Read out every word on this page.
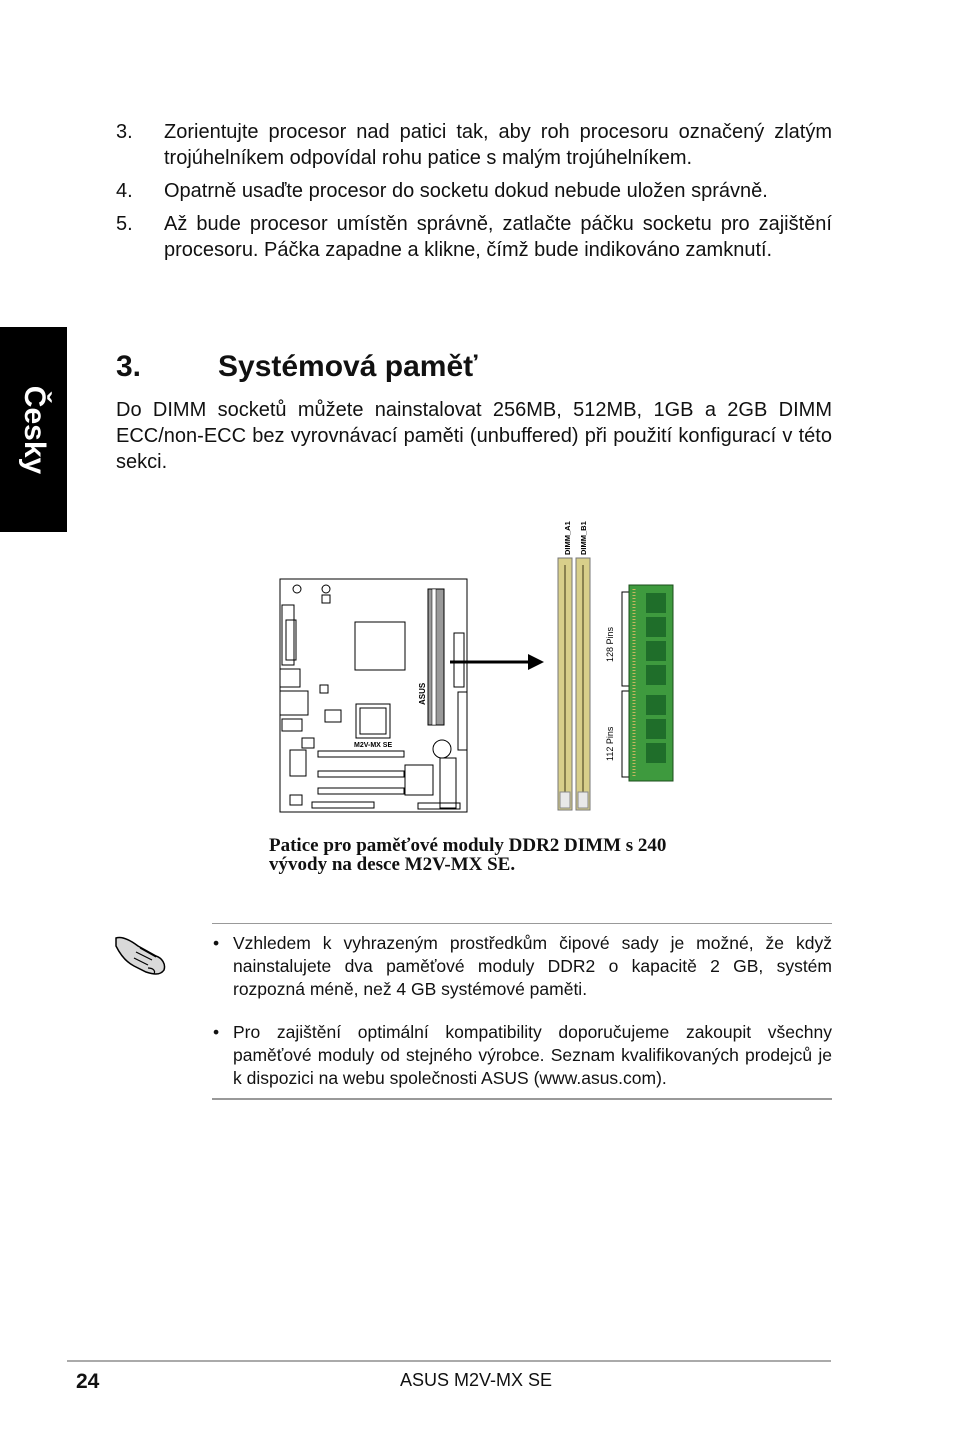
3.	Zorientujte procesor nad patici tak, aby roh procesoru označený zlatým trojúhelníkem odpovídal rohu patice s malým trojúhelníkem.
4.	Opatrně usaďte procesor do socketu dokud nebude uložen správně.
5.	Až bude procesor umístěn správně, zatlačte páčku socketu pro zajištění procesoru. Páčka zapadne a klikne, čímž bude indikováno zamknutí.
Česky
3.	Systémová paměť
Do DIMM socketů můžete nainstalovat 256MB, 512MB, 1GB a 2GB DIMM ECC/non-ECC bez vyrovnávací paměti (unbuffered) při použití konfigurací v této sekci.
ASUS
M2V-MX SE
DIMM_A1 DIMM_B1
128 Pins
112 Pins
Patice pro paměťové moduly DDR2 DIMM s 240 vývody na desce M2V-MX SE.
• Vzhledem k vyhrazeným prostředkům čipové sady je možné, že když nainstalujete dva paměťové moduly DDR2 o kapacitě 2 GB, systém rozpozná méně, než 4 GB systémové paměti.
• Pro zajištění optimální kompatibility doporučujeme zakoupit všechny paměťové moduly od stejného výrobce. Seznam kvalifikovaných prodejců je k dispozici na webu společnosti ASUS (www.asus.com).
24	ASUS M2V-MX SE
